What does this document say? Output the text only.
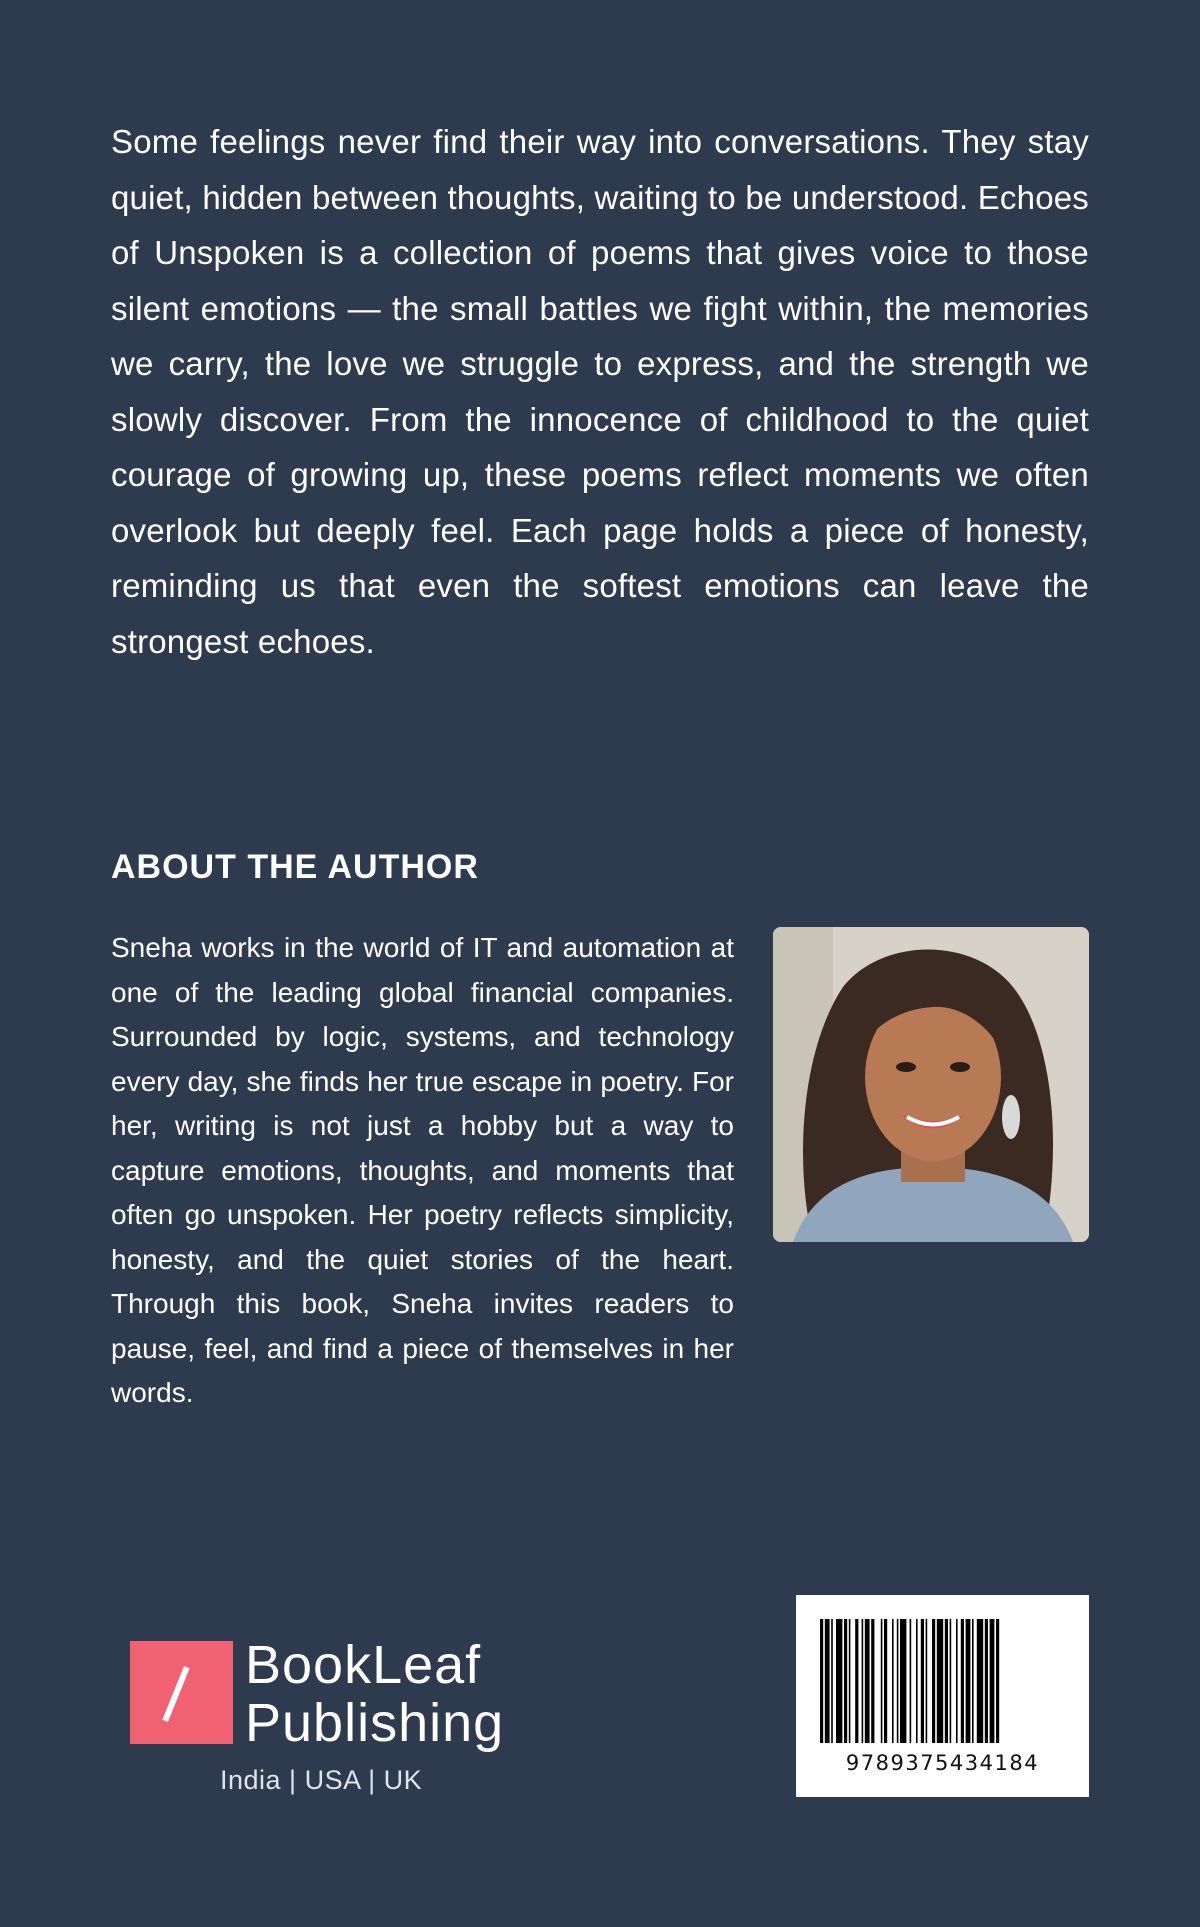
Some feelings never find their way into conversations. They stay quiet, hidden between thoughts, waiting to be understood. Echoes of Unspoken is a collection of poems that gives voice to those silent emotions — the small battles we fight within, the memories we carry, the love we struggle to express, and the strength we slowly discover. From the innocence of childhood to the quiet courage of growing up, these poems reflect moments we often overlook but deeply feel. Each page holds a piece of honesty, reminding us that even the softest emotions can leave the strongest echoes.

ABOUT THE AUTHOR

Sneha works in the world of IT and automation at one of the leading global financial companies. Surrounded by logic, systems, and technology every day, she finds her true escape in poetry. For her, writing is not just a hobby but a way to capture emotions, thoughts, and moments that often go unspoken. Her poetry reflects simplicity, honesty, and the quiet stories of the heart. Through this book, Sneha invites readers to pause, feel, and find a piece of themselves in her words.

BookLeaf
Publishing
India | USA | UK
9789375434184
